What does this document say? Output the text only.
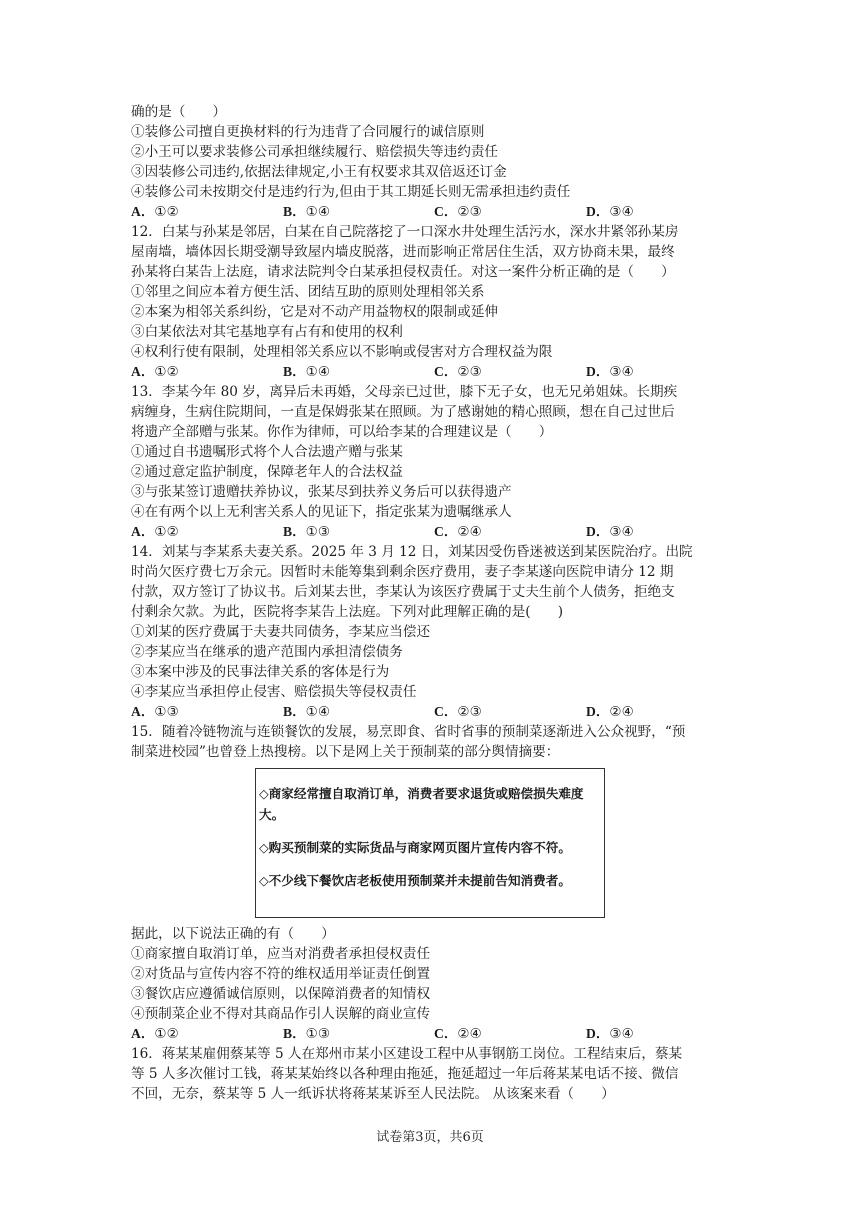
确的是（　　）
①装修公司擅自更换材料的行为违背了合同履行的诚信原则
②小王可以要求装修公司承担继续履行、赔偿损失等违约责任
③因装修公司违约,依据法律规定,小王有权要求其双倍返还订金
④装修公司未按期交付是违约行为,但由于其工期延长则无需承担违约责任
A．①②	B．①④	C．②③	D．③④
12．白某与孙某是邻居，白某在自己院落挖了一口深水井处理生活污水，深水井紧邻孙某房
屋南墙，墙体因长期受潮导致屋内墙皮脱落，进而影响正常居住生活，双方协商未果，最终
孙某将白某告上法庭，请求法院判令白某承担侵权责任。对这一案件分析正确的是（　　）
①邻里之间应本着方便生活、团结互助的原则处理相邻关系
②本案为相邻关系纠纷，它是对不动产用益物权的限制或延伸
③白某依法对其宅基地享有占有和使用的权利
④权利行使有限制，处理相邻关系应以不影响或侵害对方合理权益为限
A．①②	B．①④	C．②③	D．③④
13．李某今年 80 岁，离异后未再婚，父母亲已过世，膝下无子女，也无兄弟姐妹。长期疾
病缠身，生病住院期间，一直是保姆张某在照顾。为了感谢她的精心照顾，想在自己过世后
将遗产全部赠与张某。你作为律师，可以给李某的合理建议是（　　）
①通过自书遗嘱形式将个人合法遗产赠与张某
②通过意定监护制度，保障老年人的合法权益
③与张某签订遗赠扶养协议，张某尽到扶养义务后可以获得遗产
④在有两个以上无利害关系人的见证下，指定张某为遗嘱继承人
A．①②	B．①③	C．②④	D．③④
14．刘某与李某系夫妻关系。2025 年 3 月 12 日，刘某因受伤昏迷被送到某医院治疗。出院
时尚欠医疗费七万余元。因暂时未能筹集到剩余医疗费用，妻子李某遂向医院申请分 12 期
付款，双方签订了协议书。后刘某去世，李某认为该医疗费属于丈夫生前个人债务，拒绝支
付剩余欠款。为此，医院将李某告上法庭。下列对此理解正确的是(　　)
①刘某的医疗费属于夫妻共同债务，李某应当偿还
②李某应当在继承的遗产范围内承担清偿债务
③本案中涉及的民事法律关系的客体是行为
④李某应当承担停止侵害、赔偿损失等侵权责任
A．①③	B．①④	C．②③	D．②④
15．随着冷链物流与连锁餐饮的发展，易烹即食、省时省事的预制菜逐渐进入公众视野，“预
制菜进校园”也曾登上热搜榜。以下是网上关于预制菜的部分舆情摘要：
◇商家经常擅自取消订单，消费者要求退货或赔偿损失难度大。
◇购买预制菜的实际货品与商家网页图片宣传内容不符。
◇不少线下餐饮店老板使用预制菜并未提前告知消费者。
据此，以下说法正确的有（　　）
①商家擅自取消订单，应当对消费者承担侵权责任
②对货品与宣传内容不符的维权适用举证责任倒置
③餐饮店应遵循诚信原则，以保障消费者的知情权
④预制菜企业不得对其商品作引人误解的商业宣传
A．①②	B．①③	C．②④	D．③④
16．蒋某某雇佣蔡某等 5 人在郑州市某小区建设工程中从事钢筋工岗位。工程结束后，蔡某
等 5 人多次催讨工钱，蒋某某始终以各种理由拖延，拖延超过一年后蒋某某电话不接、微信
不回，无奈，蔡某等 5 人一纸诉状将蒋某某诉至人民法院。 从该案来看（　　）
试卷第3页，共6页
